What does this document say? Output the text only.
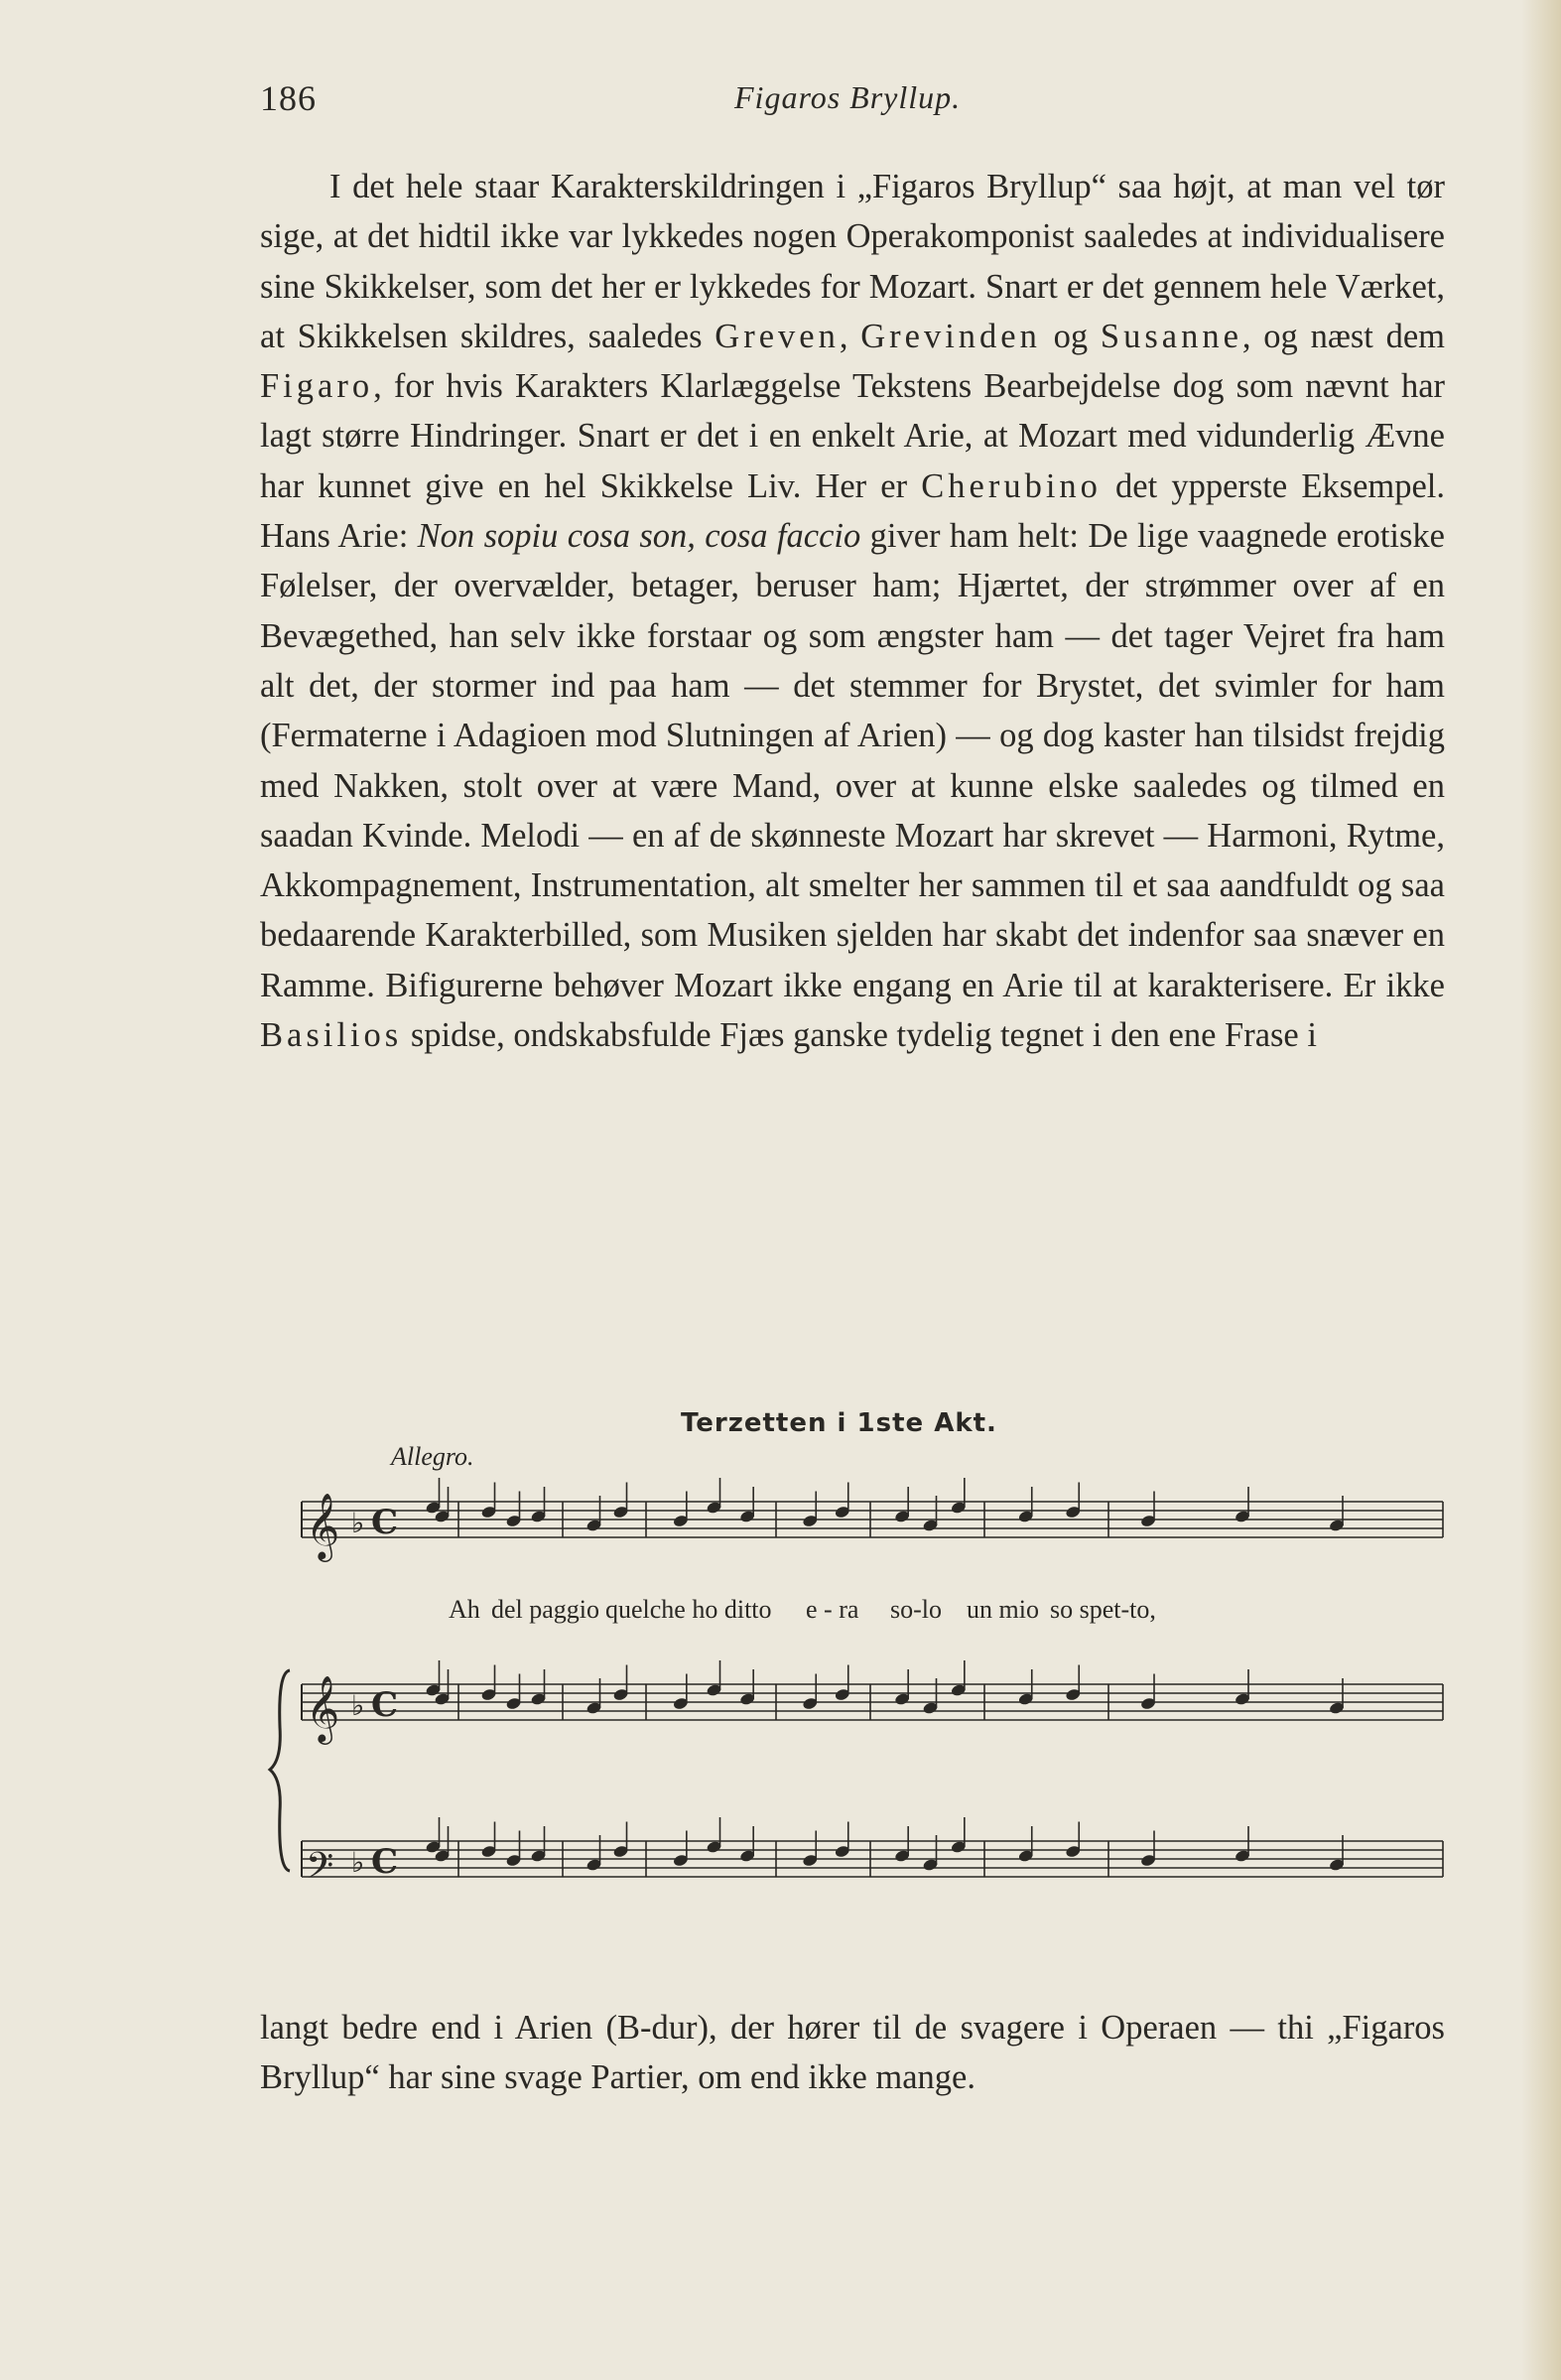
186	Figaros Bryllup.

I det hele staar Karakterskildringen i „Figaros Bryllup“ saa højt, at man vel tør sige, at det hidtil ikke var lykkedes nogen Operakomponist saaledes at individualisere sine Skikkelser, som det her er lykkedes for Mozart. Snart er det gennem hele Værket, at Skikkelsen skildres, saaledes Greven, Grevinden og Susanne, og næst dem Figaro, for hvis Karakters Klarlæggelse Tekstens Bearbejdelse dog som nævnt har lagt større Hindringer. Snart er det i en enkelt Arie, at Mozart med vidunderlig Ævne har kunnet give en hel Skikkelse Liv. Her er Cherubino det ypperste Eksempel. Hans Arie: Non sopiu cosa son, cosa faccio giver ham helt: De lige vaagnede erotiske Følelser, der overvælder, betager, beruser ham; Hjærtet, der strømmer over af en Bevægethed, han selv ikke forstaar og som ængster ham — det tager Vejret fra ham alt det, der stormer ind paa ham — det stemmer for Brystet, det svimler for ham (Fermaterne i Adagioen mod Slutningen af Arien) — og dog kaster han tilsidst frejdig med Nakken, stolt over at være Mand, over at kunne elske saaledes og tilmed en saadan Kvinde. Melodi — en af de skønneste Mozart har skrevet — Harmoni, Rytme, Akkompagnement, Instrumentation, alt smelter her sammen til et saa aandfuldt og saa bedaarende Karakterbilled, som Musiken sjelden har skabt det indenfor saa snæver en Ramme. Bifigurerne behøver Mozart ikke engang en Arie til at karakterisere. Er ikke Basilios spidse, ondskabsfulde Fjæs ganske tydelig tegnet i den ene Frase i

Terzetten i 1ste Akt.
Allegro.
𝄞 ♭ C
𝄞 ♭ C
𝄢 ♭ C
Ah del paggio quelche ho ditto e - ra so-lo un mio so spet-to,

langt bedre end i Arien (B-dur), der hører til de svagere i Operaen — thi „Figaros Bryllup“ har sine svage Partier, om end ikke mange.
